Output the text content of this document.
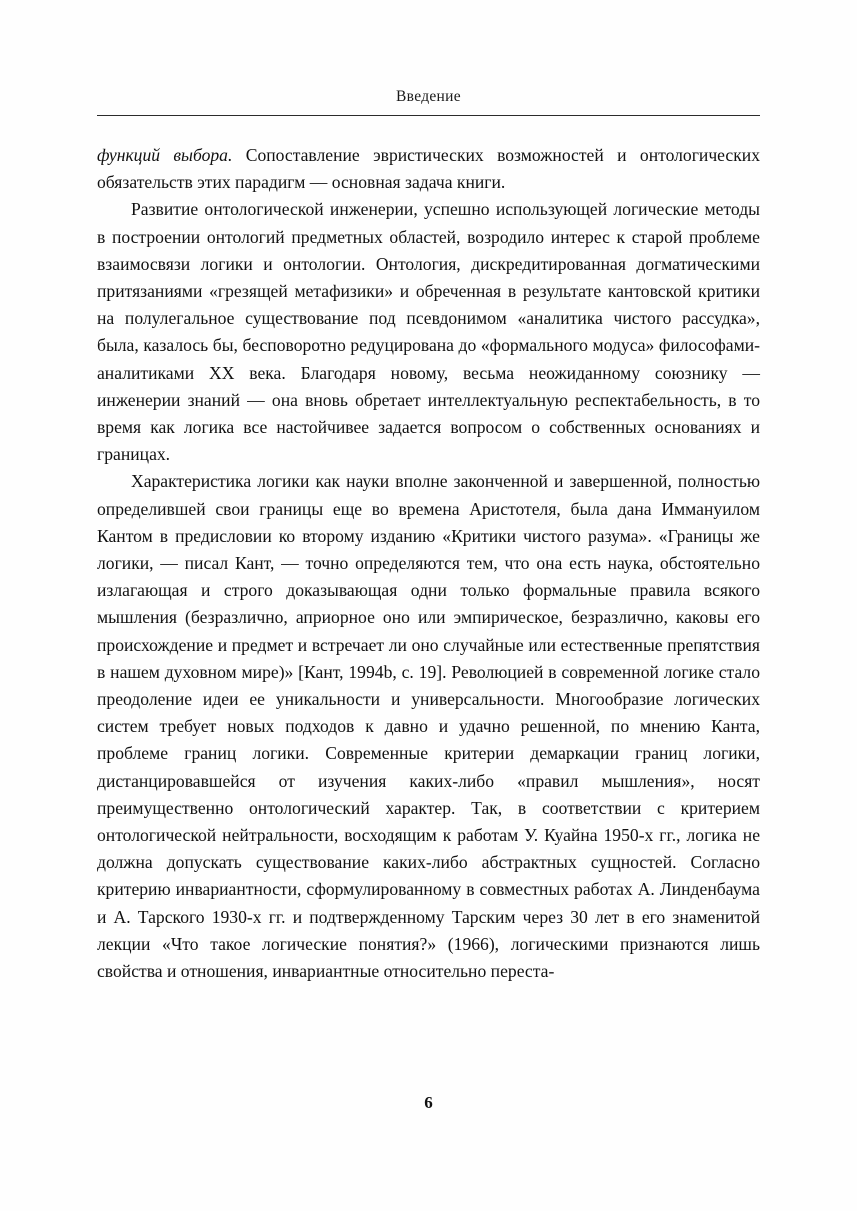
Введение

функций выбора. Сопоставление эвристических возможностей и онтологических обязательств этих парадигм — основная задача книги.

Развитие онтологической инженерии, успешно использующей логические методы в построении онтологий предметных областей, возродило интерес к старой проблеме взаимосвязи логики и онтологии. Онтология, дискредитированная догматическими притязаниями «грезящей метафизики» и обреченная в результате кантовской критики на полулегальное существование под псевдонимом «аналитика чистого рассудка», была, казалось бы, бесповоротно редуцирована до «формального модуса» философами-аналитиками XX века. Благодаря новому, весьма неожиданному союзнику — инженерии знаний — она вновь обретает интеллектуальную респектабельность, в то время как логика все настойчивее задается вопросом о собственных основаниях и границах.

Характеристика логики как науки вполне законченной и завершенной, полностью определившей свои границы еще во времена Аристотеля, была дана Иммануилом Кантом в предисловии ко второму изданию «Критики чистого разума». «Границы же логики, — писал Кант, — точно определяются тем, что она есть наука, обстоятельно излагающая и строго доказывающая одни только формальные правила всякого мышления (безразлично, априорное оно или эмпирическое, безразлично, каковы его происхождение и предмет и встречает ли оно случайные или естественные препятствия в нашем духовном мире)» [Кант, 1994b, с. 19]. Революцией в современной логике стало преодоление идеи ее уникальности и универсальности. Многообразие логических систем требует новых подходов к давно и удачно решенной, по мнению Канта, проблеме границ логики. Современные критерии демаркации границ логики, дистанцировавшейся от изучения каких-либо «правил мышления», носят преимущественно онтологический характер. Так, в соответствии с критерием онтологической нейтральности, восходящим к работам У. Куайна 1950-х гг., логика не должна допускать существование каких-либо абстрактных сущностей. Согласно критерию инвариантности, сформулированному в совместных работах А. Линденбаума и А. Тарского 1930-х гг. и подтвержденному Тарским через 30 лет в его знаменитой лекции «Что такое логические понятия?» (1966), логическими признаются лишь свойства и отношения, инвариантные относительно переста-

6
